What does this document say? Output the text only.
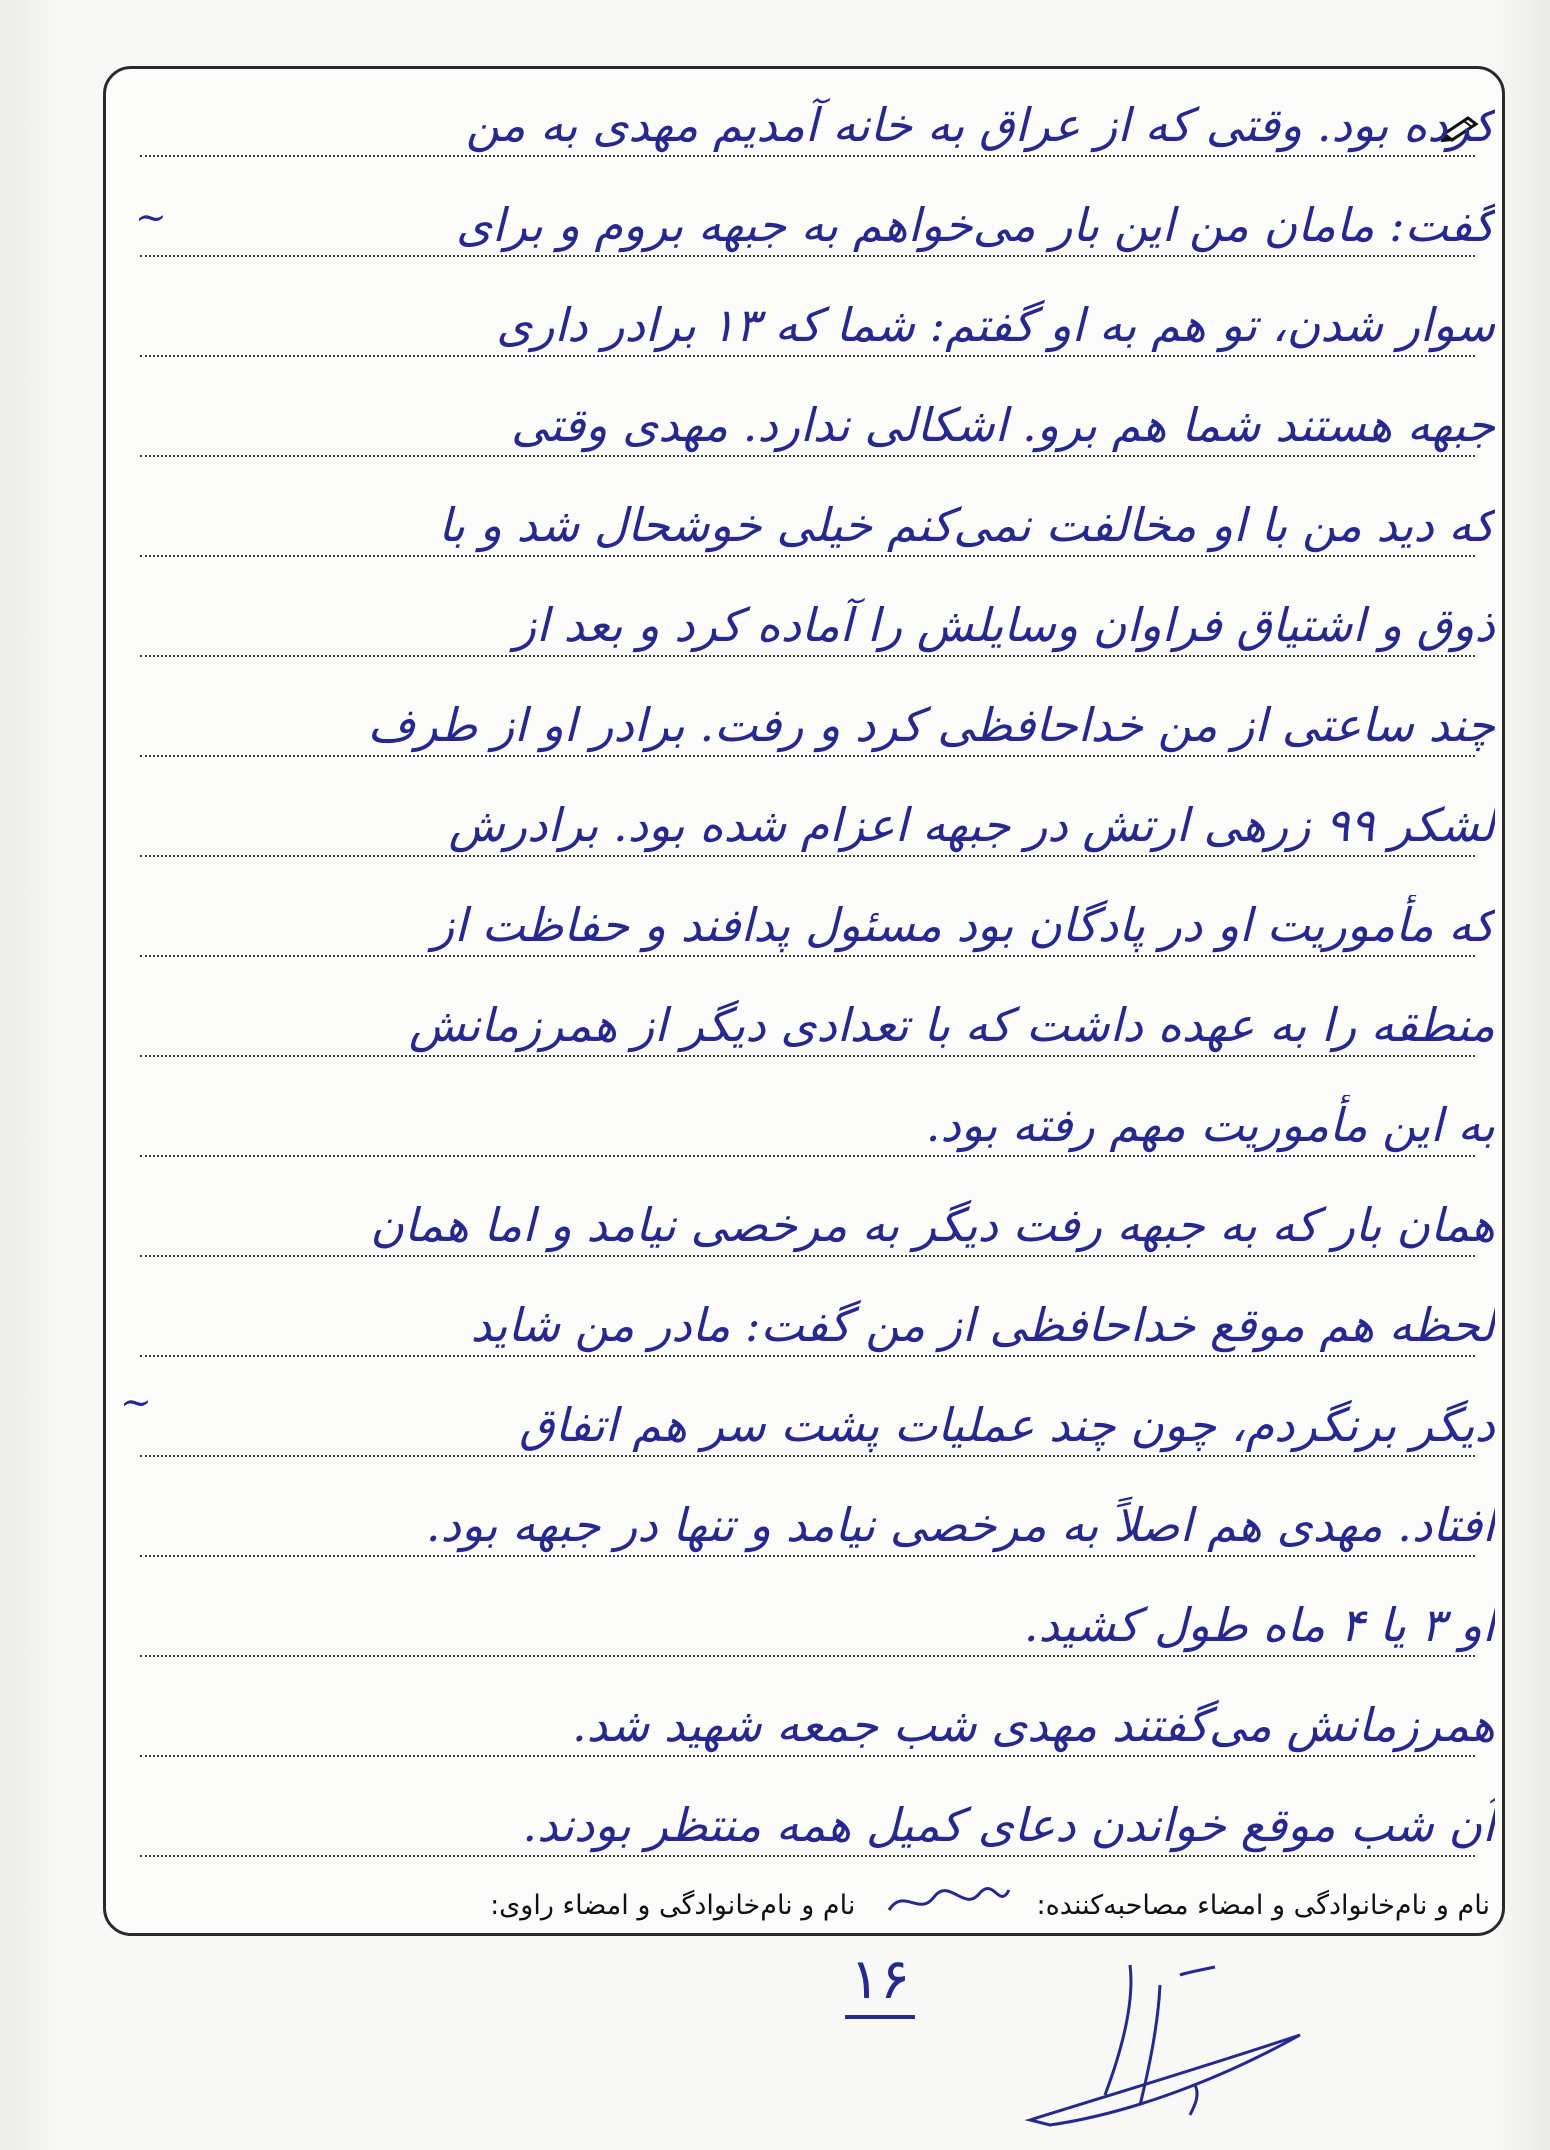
کرده بود. وقتی که از عراق به خانه آمدیم مهدی به من
گفت: مامان من این بار می‌خواهم به جبهه بروم و برای
سوار شدن، تو هم به او گفتم: شما که ۱۳ برادر داری
جبهه هستند شما هم برو. اشکالی ندارد. مهدی وقتی
که دید من با او مخالفت نمی‌کنم خیلی خوشحال شد و با
ذوق و اشتیاق فراوان وسایلش را آماده کرد و بعد از
چند ساعتی از من خداحافظی کرد و رفت. برادر او از طرف
لشکر ۹۹ زرهی ارتش در جبهه اعزام شده بود. برادرش
که مأموریت او در پادگان بود مسئول پدافند و حفاظت از
منطقه را به عهده داشت که با تعدادی دیگر از همرزمانش
به این مأموریت مهم رفته بود.
همان بار که به جبهه رفت دیگر به مرخصی نیامد و اما همان
لحظه هم موقع خداحافظی از من گفت: مادر من شاید
دیگر برنگردم، چون چند عملیات پشت سر هم اتفاق
افتاد. مهدی هم اصلاً به مرخصی نیامد و تنها در جبهه بود.
او ۳ یا ۴ ماه طول کشید.
همرزمانش می‌گفتند مهدی شب جمعه شهید شد.
آن شب موقع خواندن دعای کمیل همه منتظر بودند.
نام و نام‌خانوادگی و امضاء مصاحبه‌کننده:  نام و نام‌خانوادگی و امضاء راوی:
۱۶
~
~
